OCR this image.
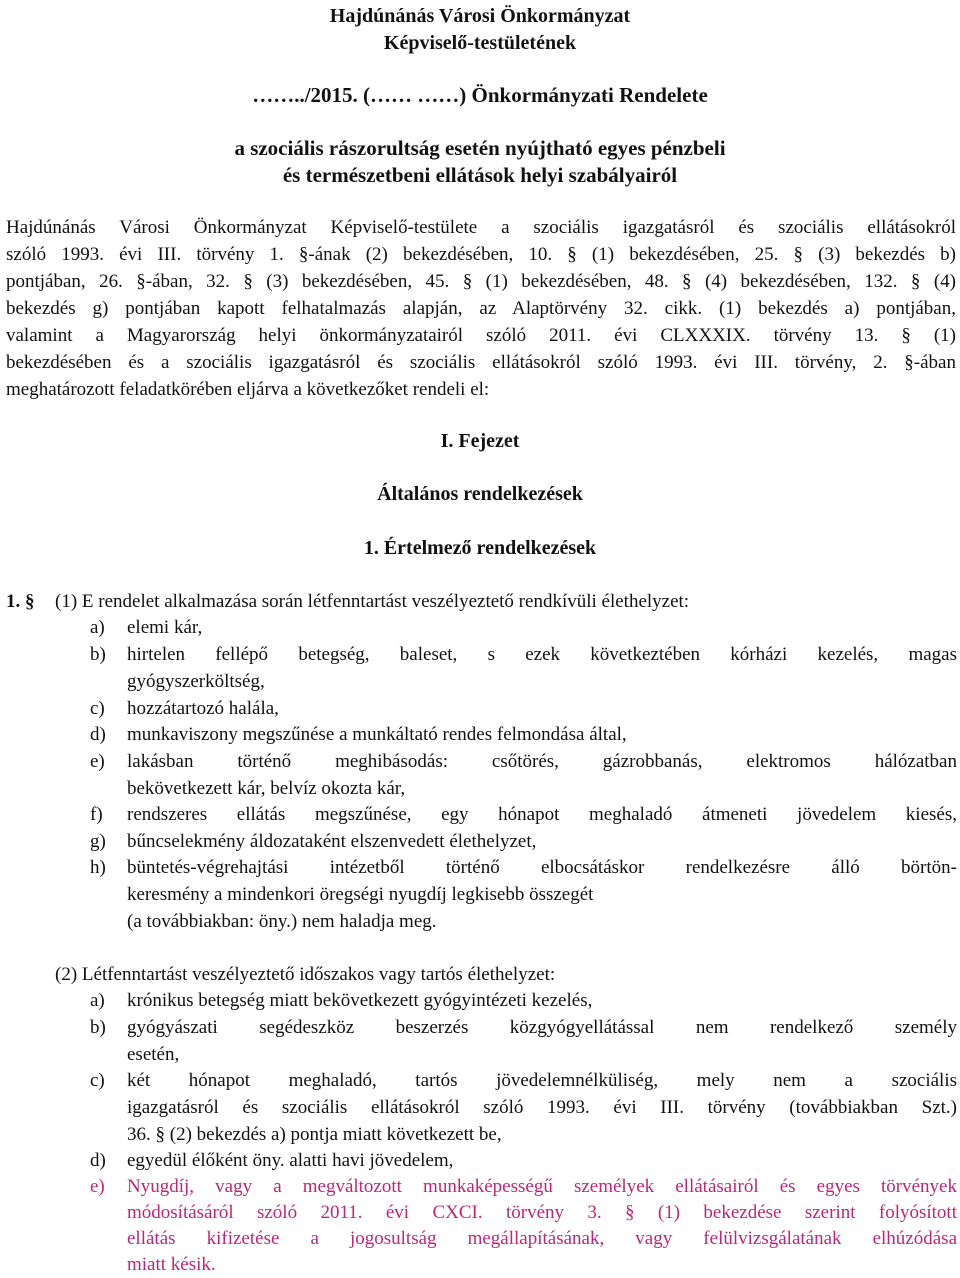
Hajdúnánás Városi Önkormányzat
Képviselő-testületének
……../2015. (…… ……) Önkormányzati Rendelete
a szociális rászorultság esetén nyújtható egyes pénzbeli
és természetbeni ellátások helyi szabályairól
Hajdúnánás Városi Önkormányzat Képviselő-testülete a szociális igazgatásról és szociális ellátásokról
szóló 1993. évi III. törvény 1. §-ának (2) bekezdésében, 10. § (1) bekezdésében, 25. § (3) bekezdés b)
pontjában, 26. §-ában, 32. § (3) bekezdésében, 45. § (1) bekezdésében, 48. § (4) bekezdésében, 132. § (4)
bekezdés g) pontjában kapott felhatalmazás alapján, az Alaptörvény 32. cikk. (1) bekezdés a) pontjában,
valamint a Magyarország helyi önkormányzatairól szóló 2011. évi CLXXXIX. törvény 13. § (1)
bekezdésében és a szociális igazgatásról és szociális ellátásokról szóló 1993. évi III. törvény, 2. §-ában
meghatározott feladatkörében eljárva a következőket rendeli el:
I. Fejezet
Általános rendelkezések
1. Értelmező rendelkezések
1. § (1) E rendelet alkalmazása során létfenntartást veszélyeztető rendkívüli élethelyzet:
a) elemi kár,
b) hirtelen fellépő betegség, baleset, s ezek következtében kórházi kezelés, magas
gyógyszerköltség,
c) hozzátartozó halála,
d) munkaviszony megszűnése a munkáltató rendes felmondása által,
e) lakásban történő meghibásodás: csőtörés, gázrobbanás, elektromos hálózatban
bekövetkezett kár, belvíz okozta kár,
f) rendszeres ellátás megszűnése, egy hónapot meghaladó átmeneti jövedelem kiesés,
g) bűncselekmény áldozataként elszenvedett élethelyzet,
h) büntetés-végrehajtási intézetből történő elbocsátáskor rendelkezésre álló börtön-
keresmény a mindenkori öregségi nyugdíj legkisebb összegét
(a továbbiakban: öny.) nem haladja meg.
(2) Létfenntartást veszélyeztető időszakos vagy tartós élethelyzet:
a) krónikus betegség miatt bekövetkezett gyógyintézeti kezelés,
b) gyógyászati segédeszköz beszerzés közgyógyellátással nem rendelkező személy
esetén,
c) két hónapot meghaladó, tartós jövedelemnélküliség, mely nem a szociális
igazgatásról és szociális ellátásokról szóló 1993. évi III. törvény (továbbiakban Szt.)
36. § (2) bekezdés a) pontja miatt következett be,
d) egyedül élőként öny. alatti havi jövedelem,
e) Nyugdíj, vagy a megváltozott munkaképességű személyek ellátásairól és egyes törvények
módosításáról szóló 2011. évi CXCI. törvény 3. § (1) bekezdése szerint folyósított
ellátás kifizetése a jogosultság megállapításának, vagy felülvizsgálatának elhúzódása
miatt késik.
